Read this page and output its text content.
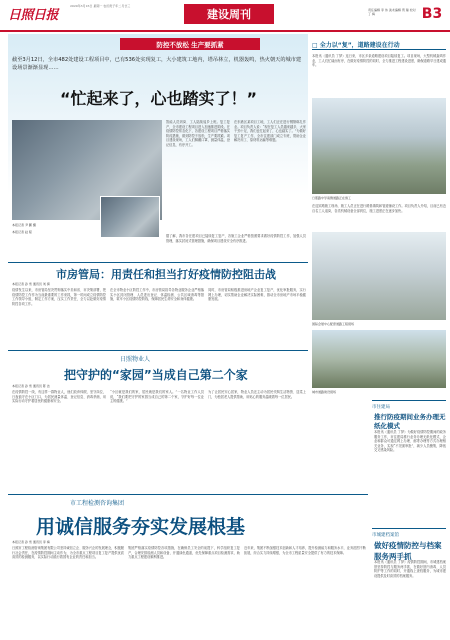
日照日报
2020年3月16日 星期一 农历庚子年二月廿三
建设周刊	责任编辑 李 伟 美术编辑 贾 瑞 校对 丁 梅	B3
防控不放松 生产要抓紧
截至3月12日，全市482处建设工程项目中，已有536处实现复工，大小建筑工地内，塔吊林立，机器轰鸣，热火朝天的城市建设场景渐渐显现……
“忙起来了，心也踏实了！”
本报记者 尹 鹏 摄
本报记者 赵 程
智能人员到岗、工人陆续返乡上班。复工复产，全市建设工程项目进入加速推进阶段。在疫情防控常态化下，各建设工程项目严格落实防疫措施，做到防控不放松，生产要抓紧。项目建设现场，工人们佩戴口罩，测量体温，登记信息，有序开工。
在东港区某项目工地，工人们正在进行钢筋绑扎作业。项目负责人说：“现在复工人员越来越多，大家干劲十足，我们也忙起来了，心也踏实了。”为做好复工复产工作，全市住建部门成立专班，帮助企业解决用工、原材料运输等难题。
据了解，我市各在建项目已陆续复工复产，各施工企业严格按照要求做好疫情防控工作，加强人员管理，落实封闭式管理措施，确保项目建设安全有序推进。
□ 全力以“复”，道路建设在行动
本报讯（通讯员 丁梦）连日来，市区多条道路建设项目陆续复工。项目现场，大型机械轰鸣作业，工人们忙碌而有序，在做好疫情防控的同时，全力推进工程建设进度，确保道路早日建成通车。
日照路中学南侧道路正在施工
在迎宾路施工现场，施工人员正在进行路基填筑和管道铺设工作。项目负责人介绍，目前已有近百名工人返岗，各类机械设备全部到位，施工进度正在逐步加快。
国际会展中心配套道路工程现场
城市道路建设现场
市房管局：用责任和担当打好疫情防控阻击战
本报记者 孙 雪 通讯员 刘 倩
疫情发生以来，市房管局坚决贯彻落实中央和省、市决策部署，把疫情防控工作作为当前最重要的工作来抓，第一时间成立疫情防控工作领导小组，制定工作方案，压实工作责任，全力以赴做好疫情防控各项工作。
在全市物业小区防控工作中，市房管局指导各物业服务企业严格落实小区封闭管理、人员进出登记、体温检测、公共区域消毒等措施，筑牢小区疫情防控防线，保障居民生命安全和身体健康。
同时，市房管局积极推进房地产企业复工复产，优化审批服务，实行网上办理，切实帮助企业解决实际困难，推动全市房地产市场平稳健康发展。
日照物业人
把守护的“家园”当成自己第二个家
本报记者 孙 雪 通讯员 陈 洁
在疫情防控一线，有这样一群物业人，他们放弃休假，坚守岗位，日夜值守在小区门口，为居民测量体温、登记信息、消毒杀菌，用实际行动守护着居民的健康和安全。
“小区就是我们的家，居民就是我们的家人。”一名物业工作人员说，“我们要把守护的家园当成自己的第二个家，守护好每一位业主的健康。”
为了让居民安心居家，物业人员还主动为居民代购生活物资、送菜上门，为独居老人提供帮助，用贴心的服务温暖着每一位居民。
市工程检测咨询集团
用诚信服务夯实发展根基
本报记者 孙 雪 通讯员 李 梅
日照市工程检测咨询集团有限公司坚持诚信立企、服务兴企的发展理念，积极履行社会责任，在疫情防控期间主动作为，为全市重点工程项目复工复产提供优质高效的检测服务，以实际行动践行着国有企业的责任和担当。
集团严格落实疫情防控各项措施，在确保员工安全的前提下，科学组织复工复产，合理安排检测人员和设备，开通绿色通道，优先保障重点项目检测需求，助力重点工程建设顺利推进。
近年来，集团不断加强技术创新和人才培养，提升检测能力和服务水平，业务范围不断拓展，综合实力持续增强，为全市工程质量安全提供了有力的技术保障。
市住建局
推行防疫期间业务办理无纸化模式
本报讯（通讯员 丁梦）为做好疫情防控期间的政务服务工作，市住建局推行业务办理无纸化模式，企业和群众可通过网上办理、邮寄办理等方式办理相关业务，实现“不见面审批”，减少人员聚集，降低交叉感染风险。
市城建档案馆
做好疫情防控与档案服务两手抓
本报讯（通讯员 丁梦）疫情防控期间，市城建档案馆坚持防控与服务两手抓，在做好馆内消毒、人员防护等工作的同时，开通线上查档服务，为城市建设提供及时高效的档案服务。
